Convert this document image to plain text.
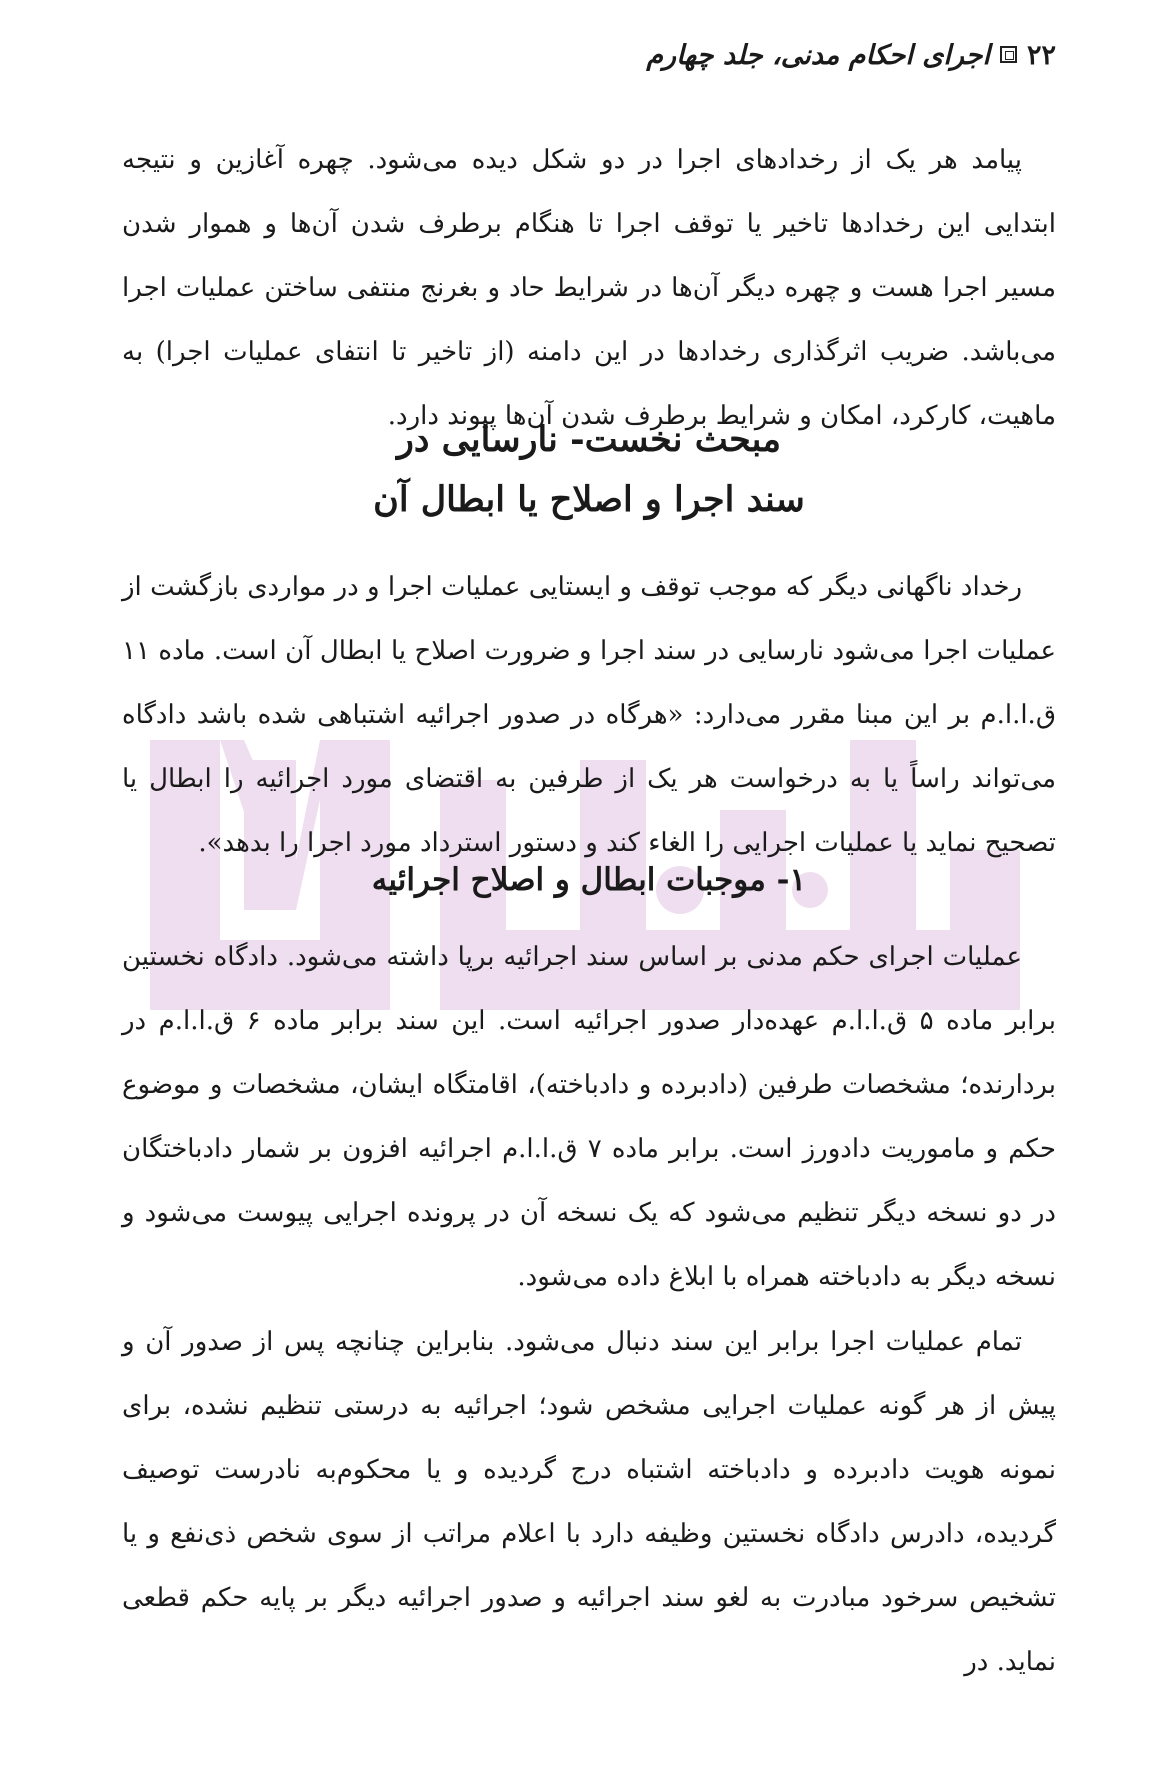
۲۲اجرای احکام مدنی، جلد چهارم

پیامد هر یک از رخدادهای اجرا در دو شکل دیده می‌شود. چهره آغازین و نتیجه ابتدایی این رخدادها تاخیر یا توقف اجرا تا هنگام برطرف شدن آن‌ها و هموار شدن مسیر اجرا هست و چهره دیگر آن‌ها در شرایط حاد و بغرنج منتفی ساختن عملیات اجرا می‌باشد. ضریب اثرگذاری رخدادها در این دامنه (از تاخیر تا انتفای عملیات اجرا) به ماهیت، کارکرد، امکان و شرایط برطرف شدن آن‌ها پیوند دارد.

مبحث نخست- نارسایی در
سند اجرا و اصلاح یا ابطال آن

رخداد ناگهانی دیگر که موجب توقف و ایستایی عملیات اجرا و در مواردی بازگشت از عملیات اجرا می‌شود نارسایی در سند اجرا و ضرورت اصلاح یا ابطال آن است. ماده ۱۱ ق.ا.ا.م بر این مبنا مقرر می‌دارد: «هرگاه در صدور اجرائیه اشتباهی شده باشد دادگاه می‌تواند راساً یا به درخواست هر یک از طرفین به اقتضای مورد اجرائیه را ابطال یا تصحیح نماید یا عملیات اجرایی را الغاء کند و دستور استرداد مورد اجرا را بدهد».

۱- موجبات ابطال و اصلاح اجرائیه

عملیات اجرای حکم مدنی بر اساس سند اجرائیه برپا داشته می‌شود. دادگاه نخستین برابر ماده ۵ ق.ا.ا.م عهده‌دار صدور اجرائیه است. این سند برابر ماده ۶ ق.ا.ا.م در بردارنده؛ مشخصات طرفین (دادبرده و دادباخته)، اقامتگاه ایشان، مشخصات و موضوع حکم و ماموریت دادورز است. برابر ماده ۷ ق.ا.ا.م اجرائیه افزون بر شمار دادباختگان در دو نسخه دیگر تنظیم می‌شود که یک نسخه آن در پرونده اجرایی پیوست می‌شود و نسخه دیگر به دادباخته همراه با ابلاغ داده می‌شود.

تمام عملیات اجرا برابر این سند دنبال می‌شود. بنابراین چنانچه پس از صدور آن و پیش از هر گونه عملیات اجرایی مشخص شود؛ اجرائیه به درستی تنظیم نشده، برای نمونه هویت دادبرده و دادباخته اشتباه درج گردیده و یا محکوم‌به نادرست توصیف گردیده، دادرس دادگاه نخستین وظیفه دارد با اعلام مراتب از سوی شخص ذی‌نفع و یا تشخیص سرخود مبادرت به لغو سند اجرائیه و صدور اجرائیه دیگر بر پایه حکم قطعی نماید. در
